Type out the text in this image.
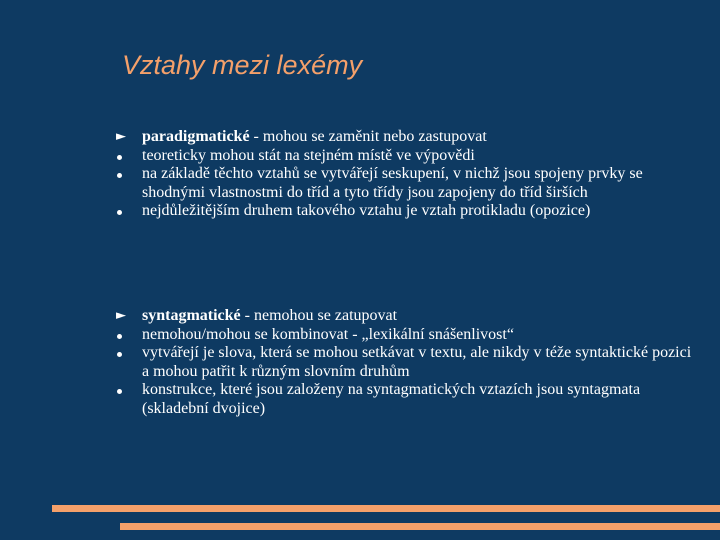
Vztahy mezi lexémy
►	paradigmatické - mohou se zaměnit nebo zastupovat
teoreticky mohou stát na stejném místě ve výpovědi
na základě těchto vztahů se vytvářejí seskupení, v nichž jsou spojeny prvky se shodnými vlastnostmi do tříd a tyto třídy jsou zapojeny do tříd širších
nejdůležitějším druhem takového vztahu je vztah protikladu (opozice)
►	syntagmatické - nemohou se zatupovat
nemohou/mohou se kombinovat - „lexikální snášenlivost“
vytvářejí je slova, která se mohou setkávat v textu, ale nikdy v téže syntaktické pozici a mohou patřit k různým slovním druhům
konstrukce, které jsou založeny na syntagmatických vztazích jsou syntagmata (skladební dvojice)
